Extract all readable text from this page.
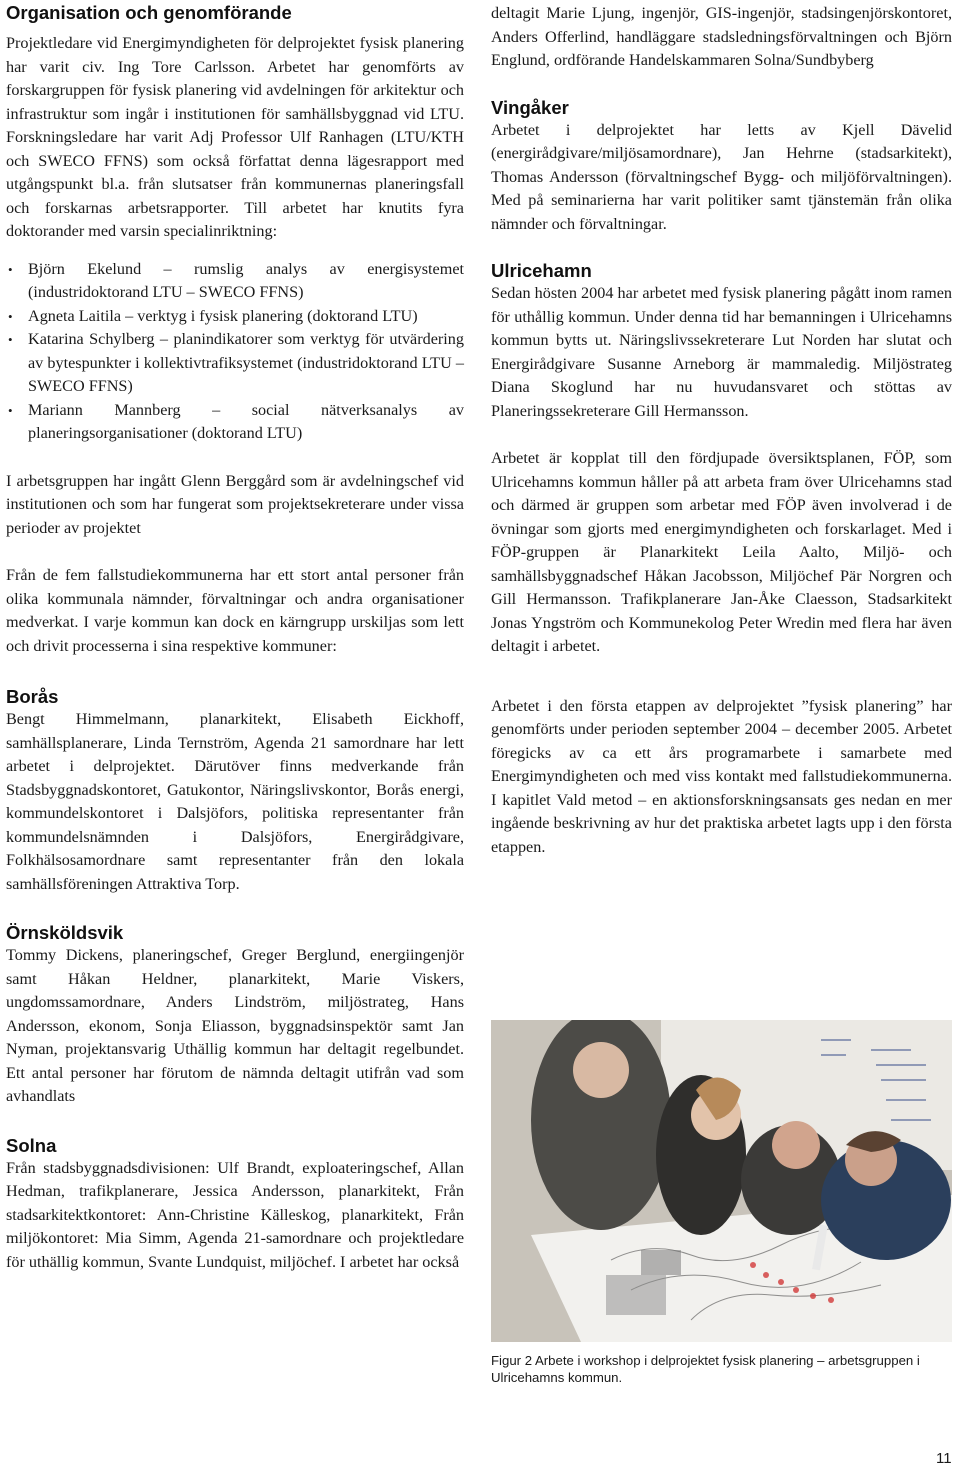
Organisation och genomförande

Projektledare vid Energimyndigheten för delprojektet fysisk planering har varit civ. Ing Tore Carlsson. Arbetet har genomförts av forskargruppen för fysisk planering vid avdelningen för arkitektur och infrastruktur som ingår i institutionen för samhällsbyggnad vid LTU. Forskningsledare har varit Adj Professor Ulf Ranhagen (LTU/KTH och SWECO FFNS) som också författat denna lägesrapport med utgångspunkt bl.a. från slutsatser från kommunernas planeringsfall och forskarnas arbetsrapporter. Till arbetet har knutits fyra doktorander med varsin specialinriktning:

• Björn Ekelund – rumslig analys av energisystemet (industridoktorand LTU – SWECO FFNS)
• Agneta Laitila – verktyg i fysisk planering (doktorand LTU)
• Katarina Schylberg – planindikatorer som verktyg för utvärdering av bytespunkter i kollektivtrafiksystemet (industridoktorand LTU – SWECO FFNS)
• Mariann Mannberg – social nätverksanalys av planeringsorganisationer (doktorand LTU)

I arbetsgruppen har ingått Glenn Berggård som är avdelningschef vid institutionen och som har fungerat som projektsekreterare under vissa perioder av projektet

Från de fem fallstudiekommunerna har ett stort antal personer från olika kommunala nämnder, förvaltningar och andra organisationer medverkat. I varje kommun kan dock en kärngrupp urskiljas som lett och drivit processerna i sina respektive kommuner:

Borås

Bengt Himmelmann, planarkitekt, Elisabeth Eickhoff, samhällsplanerare, Linda Ternström, Agenda 21 samordnare har lett arbetet i delprojektet. Därutöver finns medverkande från Stadsbyggnadskontoret, Gatukontor, Näringslivskontor, Borås energi, kommundelskontoret i Dalsjöfors, politiska representanter från kommundelsnämnden i Dalsjöfors, Energirådgivare, Folkhälsosamordnare samt representanter från den lokala samhällsföreningen Attraktiva Torp.

Örnsköldsvik

Tommy Dickens, planeringschef, Greger Berglund, energiingenjör samt Håkan Heldner, planarkitekt, Marie Viskers, ungdomssamordnare, Anders Lindström, miljöstrateg, Hans Andersson, ekonom, Sonja Eliasson, byggnadsinspektör samt Jan Nyman, projektansvarig Uthällig kommun har deltagit regelbundet. Ett antal personer har förutom de nämnda deltagit utifrån vad som avhandlats

Solna

Från stadsbyggnadsdivisionen: Ulf Brandt, exploateringschef, Allan Hedman, trafikplanerare, Jessica Andersson, planarkitekt, Från stadsarkitektkontoret: Ann-Christine Källeskog, planarkitekt, Från miljökontoret: Mia Simm, Agenda 21-samordnare och projektledare för uthällig kommun, Svante Lundquist, miljöchef. I arbetet har också

deltagit Marie Ljung, ingenjör, GIS-ingenjör, stadsingenjörskontoret, Anders Offerlind, handläggare stadsledningsförvaltningen och Björn Englund, ordförande Handelskammaren Solna/Sundbyberg

Vingåker

Arbetet i delprojektet har letts av Kjell Dävelid (energirådgivare/miljösamordnare), Jan Hehrne (stadsarkitekt), Thomas Andersson (förvaltningschef Bygg- och miljöförvaltningen). Med på seminarierna har varit politiker samt tjänstemän från olika nämnder och förvaltningar.

Ulricehamn

Sedan hösten 2004 har arbetet med fysisk planering pågått inom ramen för uthållig kommun. Under denna tid har bemanningen i Ulricehamns kommun bytts ut. Näringslivssekreterare Lut Norden har slutat och Energirådgivare Susanne Arneborg är mammaledig. Miljöstrateg Diana Skoglund har nu huvudansvaret och stöttas av Planeringssekreterare Gill Hermansson.

Arbetet är kopplat till den fördjupade översiktsplanen, FÖP, som Ulricehamns kommun håller på att arbeta fram över Ulricehamns stad och därmed är gruppen som arbetar med FÖP även involverad i de övningar som gjorts med energimyndigheten och forskarlaget. Med i FÖP-gruppen är Planarkitekt Leila Aalto, Miljö- och samhällsbyggnadschef Håkan Jacobsson, Miljöchef Pär Norgren och Gill Hermansson. Trafikplanerare Jan-Åke Claesson, Stadsarkitekt Jonas Yngström och Kommunekolog Peter Wredin med flera har även deltagit i arbetet.

Arbetet i den första etappen av delprojektet ”fysisk planering” har genomförts under perioden september 2004 – december 2005. Arbetet föregicks av ca ett års programarbete i samarbete med Energimyndigheten och med viss kontakt med fallstudiekommunerna. I kapitlet Vald metod – en aktionsforskningsansats ges nedan en mer ingående beskrivning av hur det praktiska arbetet lagts upp i den första etappen.

Figur 2 Arbete i workshop i delprojektet fysisk planering – arbetsgruppen i Ulricehamns kommun.
11
